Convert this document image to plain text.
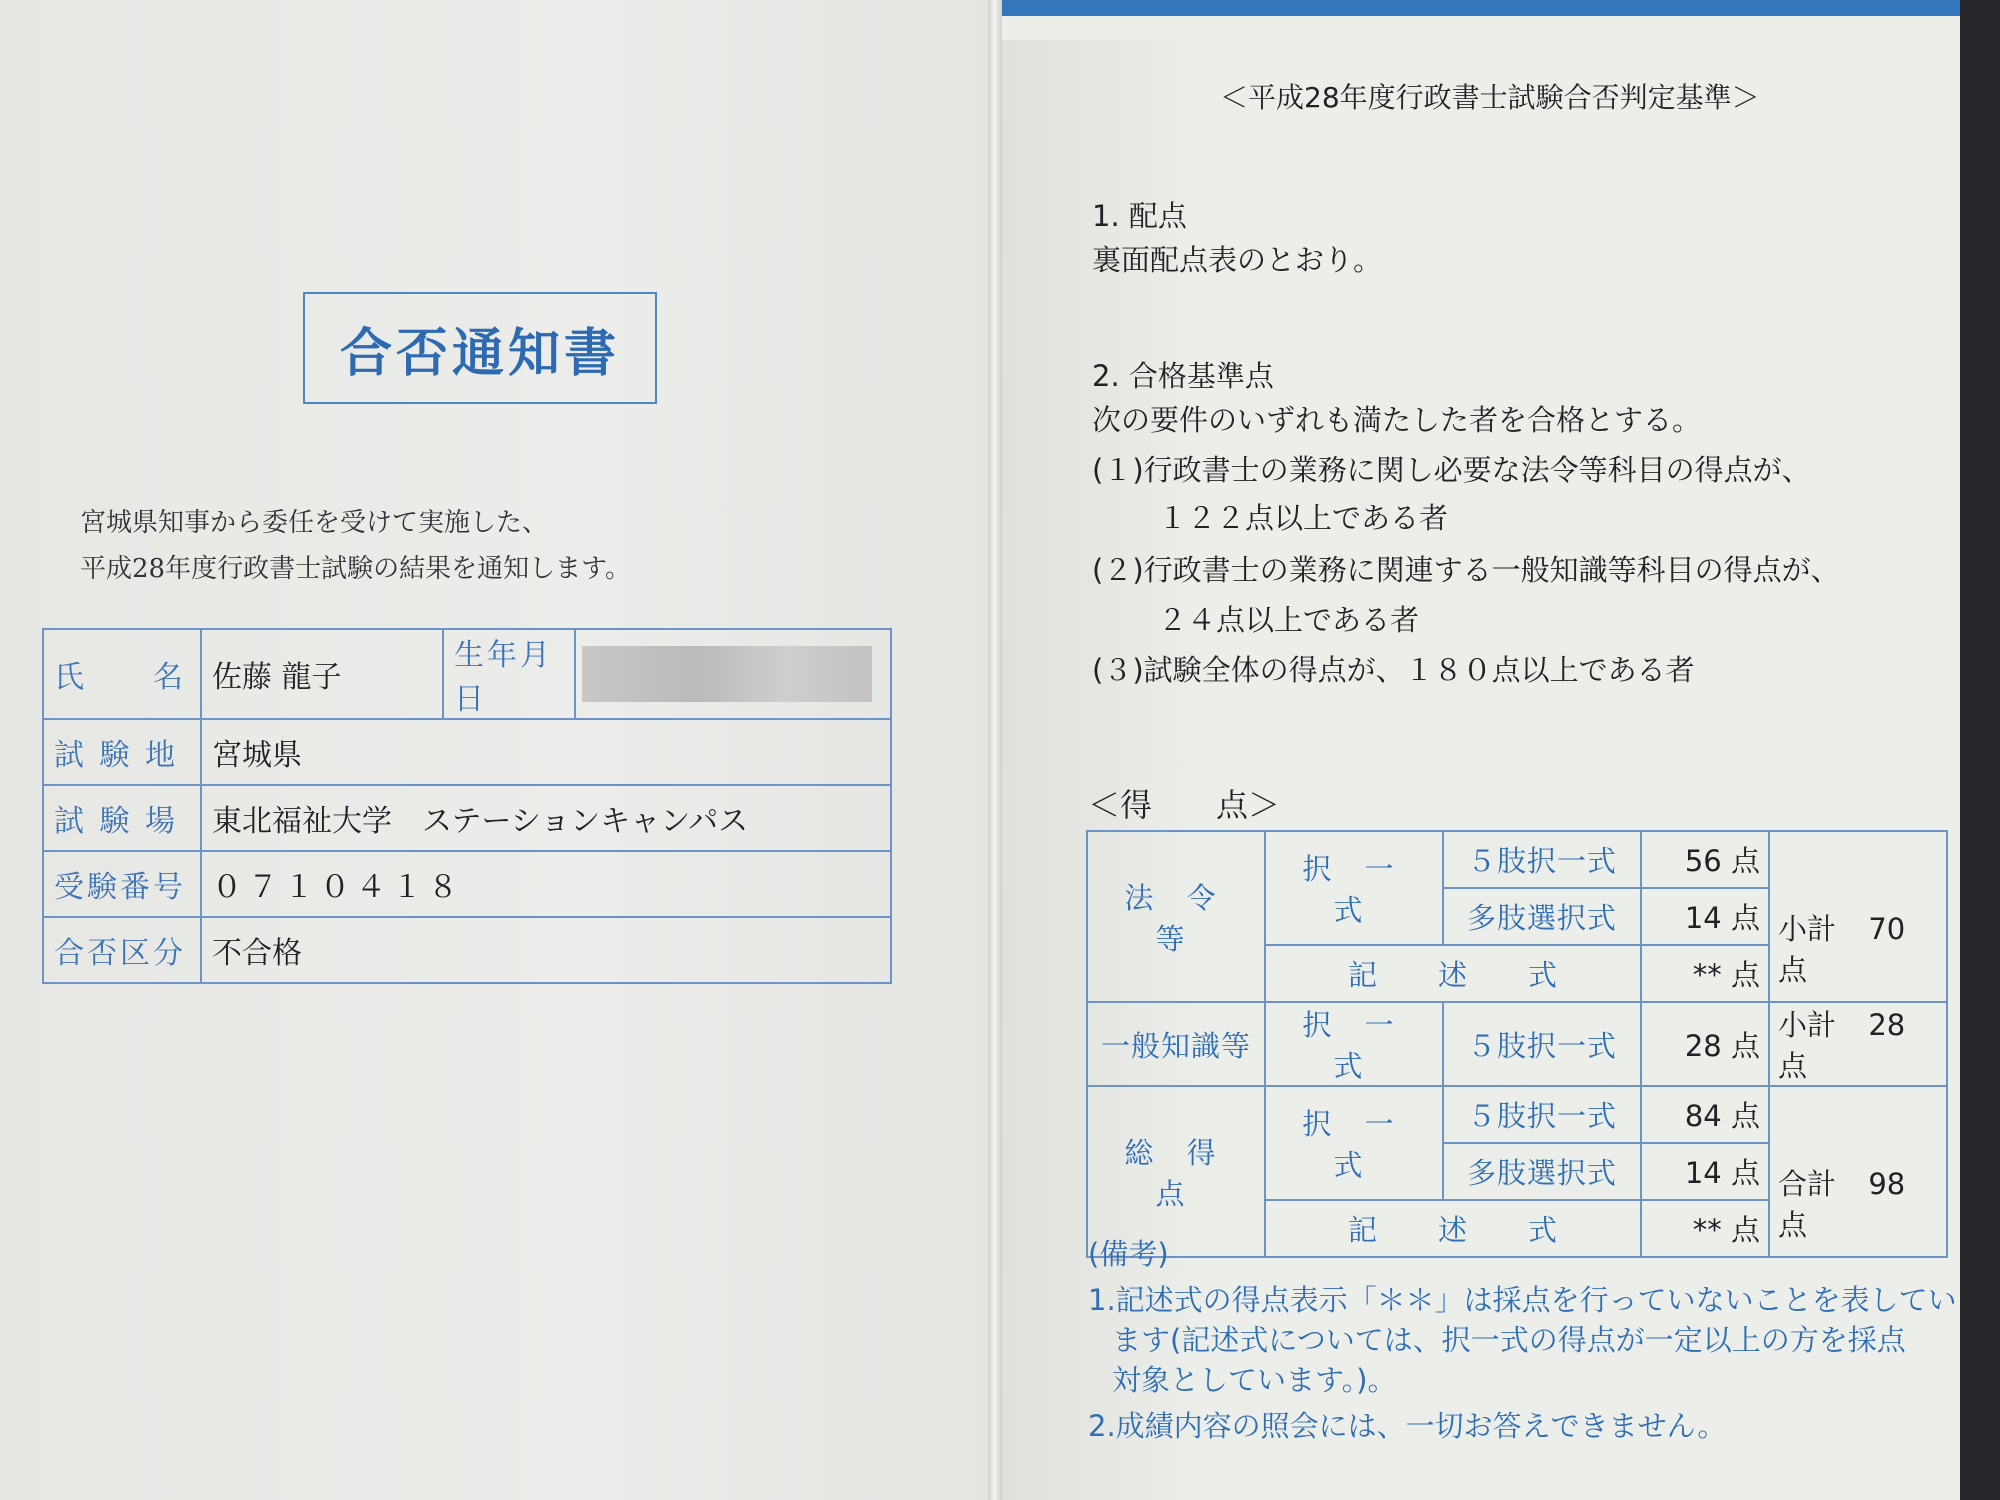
合否通知書
宮城県知事から委任を受けて実施した、
平成28年度行政書士試験の結果を通知します。
氏　　名	佐藤 龍子	生年月日	

試 験 地	宮城県		
試 験 場	東北福祉大学　ステーションキャンパス		
受験番号	０７１０４１８		
合否区分	不合格		
＜平成28年度行政書士試験合否判定基準＞
1. 配点
裏面配点表のとおり。
2. 合格基準点
次の要件のいずれも満たした者を合格とする。
(１)行政書士の業務に関し必要な法令等科目の得点が、
１２２点以上である者
(２)行政書士の業務に関連する一般知識等科目の得点が、
２４点以上である者
(３)試験全体の得点が、１８０点以上である者
＜得　　点＞
法 令 等	択 一 式	５肢択一式	56 点	小計 70 点
		多肢選択式	14 点	
	記　　述　　式		** 点	
一般知識等	択 一 式	５肢択一式	28 点	小計 28 点
総 得 点	択 一 式	５肢択一式	84 点	合計 98 点
		多肢選択式	14 点	
	記　　述　　式		** 点	
(備考)
1.記述式の得点表示「＊＊」は採点を行っていないことを表してい
ます(記述式については、択一式の得点が一定以上の方を採点
対象としています。)。
2.成績内容の照会には、一切お答えできません。
